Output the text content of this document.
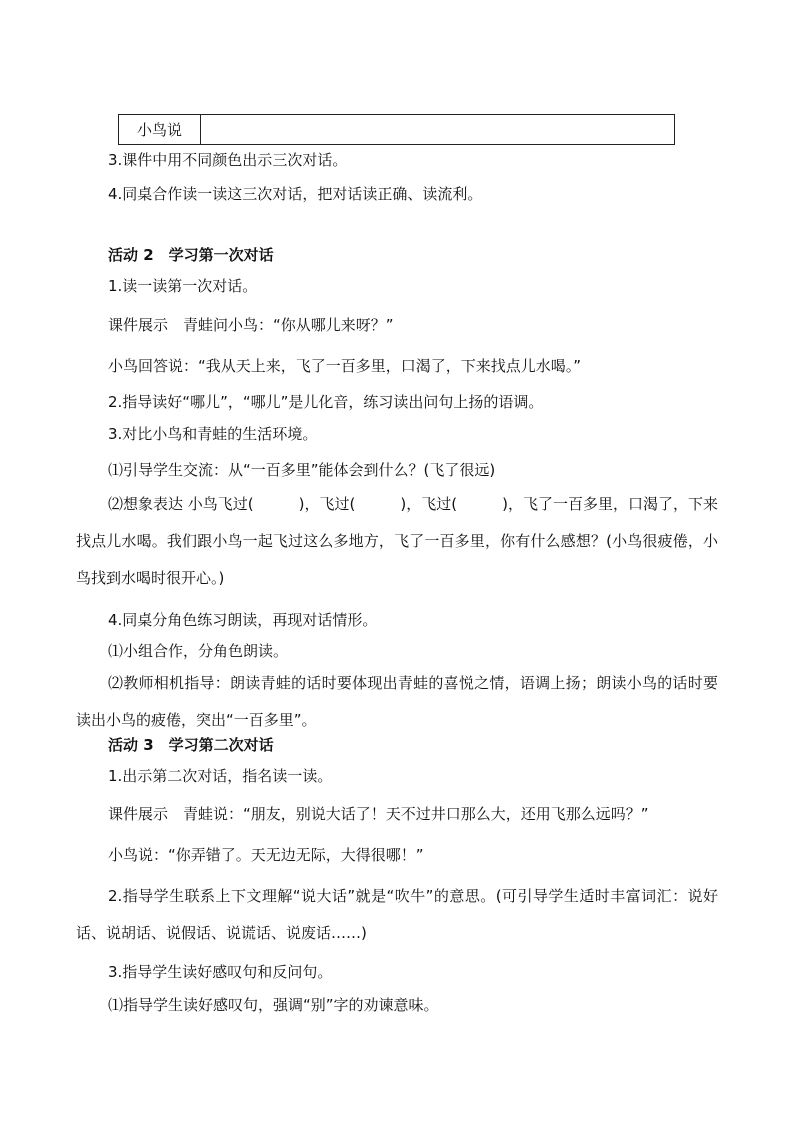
小鸟说	
3.课件中用不同颜色出示三次对话。
4.同桌合作读一读这三次对话，把对话读正确、读流利。
活动 2　学习第一次对话
1.读一读第一次对话。
课件展示　青蛙问小鸟：“你从哪儿来呀？”
小鸟回答说：“我从天上来，飞了一百多里，口渴了，下来找点儿水喝。”
2.指导读好“哪儿”，“哪儿”是儿化音，练习读出问句上扬的语调。
3.对比小鸟和青蛙的生活环境。
⑴引导学生交流：从“一百多里”能体会到什么？(飞了很远)
⑵想象表达 小鸟飞过(　　　)，飞过(　　　)，飞过(　　　)，飞了一百多里，口渴了，下来找点儿水喝。我们跟小鸟一起飞过这么多地方，飞了一百多里，你有什么感想？(小鸟很疲倦，小鸟找到水喝时很开心。)
4.同桌分角色练习朗读，再现对话情形。
⑴小组合作，分角色朗读。
⑵教师相机指导：朗读青蛙的话时要体现出青蛙的喜悦之情，语调上扬；朗读小鸟的话时要读出小鸟的疲倦，突出“一百多里”。
活动 3　学习第二次对话
1.出示第二次对话，指名读一读。
课件展示　青蛙说：“朋友，别说大话了！天不过井口那么大，还用飞那么远吗？”
小鸟说：“你弄错了。天无边无际，大得很哪！”
2.指导学生联系上下文理解“说大话”就是“吹牛”的意思。(可引导学生适时丰富词汇：说好话、说胡话、说假话、说谎话、说废话……)
3.指导学生读好感叹句和反问句。
⑴指导学生读好感叹句，强调“别”字的劝谏意味。
